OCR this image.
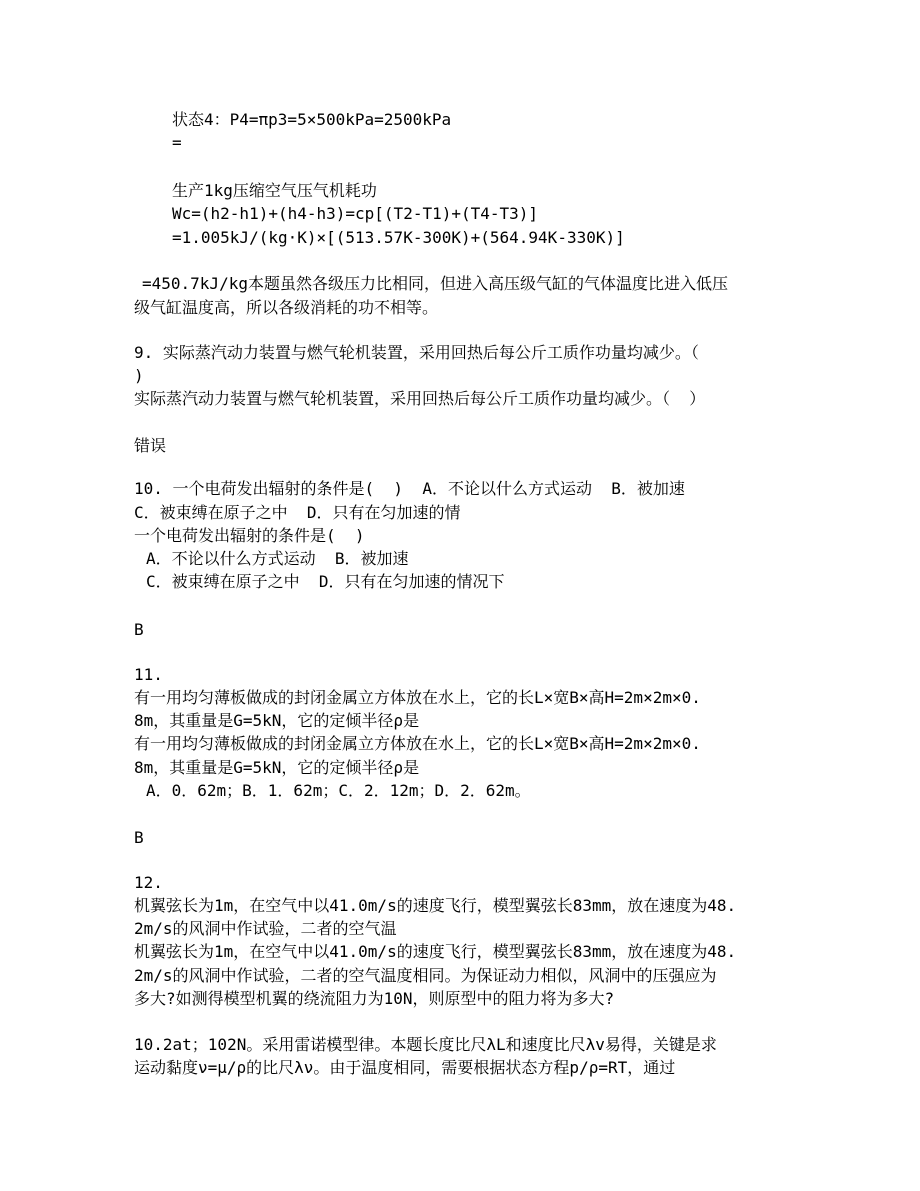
状态4：P4=πp3=5×500kPa=2500kPa
=
生产1kg压缩空气压气机耗功
Wc=(h2-h1)+(h4-h3)=cp[(T2-T1)+(T4-T3)]
=1.005kJ/(kg·K)×[(513.57K-300K)+(564.94K-330K)]
=450.7kJ/kg本题虽然各级压力比相同，但进入高压级气缸的气体温度比进入低压
级气缸温度高，所以各级消耗的功不相等。
9. 实际蒸汽动力装置与燃气轮机装置，采用回热后每公斤工质作功量均减少。（
)
实际蒸汽动力装置与燃气轮机装置，采用回热后每公斤工质作功量均减少。（  ）
错误
10. 一个电荷发出辐射的条件是(  )  A．不论以什么方式运动  B．被加速
C．被束缚在原子之中  D．只有在匀加速的情
一个电荷发出辐射的条件是(  )
A．不论以什么方式运动  B．被加速
C．被束缚在原子之中  D．只有在匀加速的情况下
B
11.
有一用均匀薄板做成的封闭金属立方体放在水上，它的长L×宽B×高H=2m×2m×0.
8m，其重量是G=5kN，它的定倾半径ρ是
有一用均匀薄板做成的封闭金属立方体放在水上，它的长L×宽B×高H=2m×2m×0.
8m，其重量是G=5kN，它的定倾半径ρ是
A．0．62m；B．1．62m；C．2．12m；D．2．62m。
B
12.
机翼弦长为1m，在空气中以41.0m/s的速度飞行，模型翼弦长83mm，放在速度为48.
2m/s的风洞中作试验，二者的空气温
机翼弦长为1m，在空气中以41.0m/s的速度飞行，模型翼弦长83mm，放在速度为48.
2m/s的风洞中作试验，二者的空气温度相同。为保证动力相似，风洞中的压强应为
多大?如测得模型机翼的绕流阻力为10N，则原型中的阻力将为多大?
10.2at；102N。采用雷诺模型律。本题长度比尺λL和速度比尺λv易得，关键是求
运动黏度ν=μ/ρ的比尺λν。由于温度相同，需要根据状态方程p/ρ=RT，通过
